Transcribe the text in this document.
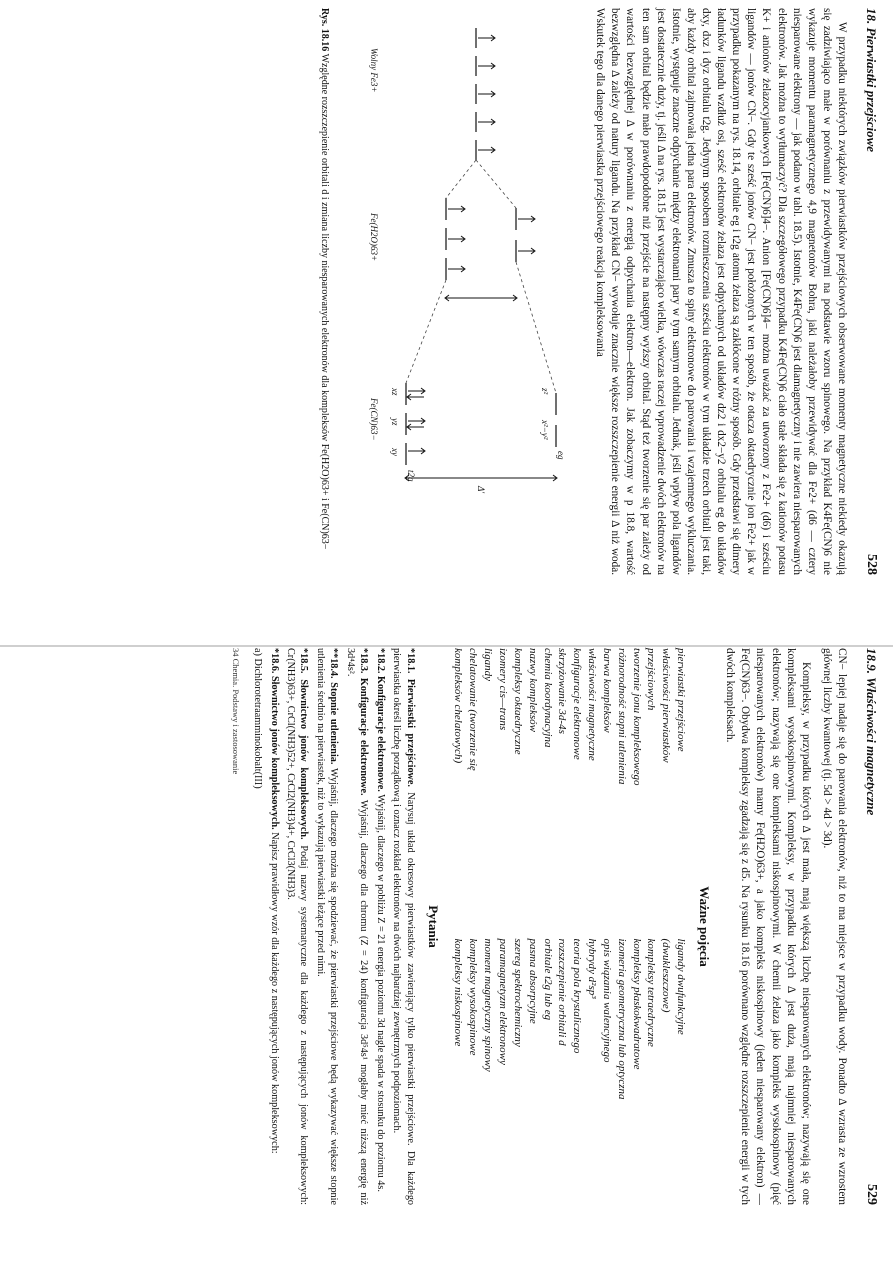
18. Pierwiastki przejściowe
528

W przypadku niektórych związków pierwiastków przejściowych obserwowane momenty magnetyczne niekiedy okazują się zadziwiająco małe w porównaniu z przewidywanymi na podstawie wzoru spinowego. Na przykład K4Fe(CN)6 nie wykazuje momentu paramagnetycznego 4,9 magnetonów Bohra, jaki należałoby przewidywać dla Fe2+ (d6 — cztery niesparowane elektrony — jak podano w tabl. 18.5). Istotnie, K4Fe(CN)6 jest diamagnetyczny i nie zawiera niesparowanych elektronów. Jak można to wytłumaczyć? Dla szczegółowego przypadku K4Fe(CN)6 ciało stałe składa się z kationów potasu K+ i anionów żelazocyjankowych [Fe(CN)6]4−. Anion [Fe(CN)6]4− można uważać za utworzony z Fe2+ (d6) i sześciu ligandów — jonów CN−. Gdy te sześć jonów CN− jest położonych w ten sposób, że otacza oktaedrycznie jon Fe2+ jak w przypadku pokazanym na rys. 18.14, orbitale eg i t2g atomu żelaza są zakłócone w różny sposób. Gdy przedstawi się dimery ładunków ligandu wzdłuż osi, sześć elektronów żelaza jest odpychanych od układów dz2 i dx2−y2 orbitalu eg do układów dxy, dxz i dyz orbitalu t2g. Jedynym sposobem rozmieszczenia sześciu elektronów w tym układzie trzech orbitali jest taki, aby każdy orbital zajmowała jedna para elektronów. Zmusza to spiny elektronowe do parowania i wzajemnego wykluczania. Istotnie, występuje znaczne odpychanie między elektronami pary w tym samym orbitalu. Jednak, jeśli wpływ pola ligandów jest dostatecznie duży, tj. jeśli Δ na rys. 18.15 jest wystarczająco wielka, wówczas raczej wprowadzenie dwóch elektronów na ten sam orbital będzie mało prawdopodobne niż przejście na następny wyższy orbital. Stąd też tworzenie się par zależy od wartości bezwzględnej Δ w porównaniu z energią odpychania elektron—elektron. Jak zobaczymy w p 18.8, wartość bezwzględna Δ zależy od natury ligandu. Na przykład CN− wywołuje znacznie większe rozszczepienie energii Δ niż woda. Wskutek tego dla danego pierwiastka przejściowego reakcja kompleksowania

Δ'
eg
t2g
z²
x²−y²
xz
yz
xy
Wolny Fe3+
Fe(H2O)63+
Fe(CN)63−
Rys. 18.16 Względne rozszczepienie orbitali d i zmiana liczby niesparowanych elektronów dla kompleksów Fe(H2O)63+ i Fe(CN)63−
18.9. Właściwości magnetyczne
529

CN− lepiej nadaje się do parowania elektronów, niż to ma miejsce w przypadku wody. Ponadto Δ wzrasta ze wzrostem głównej liczby kwantowej (tj. 5d > 4d > 3d).

Kompleksy, w przypadku których Δ jest mała, mają większą liczbę niesparowanych elektronów; nazywają się one kompleksami wysokospinowymi. Kompleksy, w przypadku których Δ jest duża, mają najmniej niesparowanych elektronów; nazywają się one kompleksami niskospinowymi. W chemii żelaza jako kompleks wysokospinowy (pięć niesparowanych elektronów) mamy Fe(H2O)63+, a jako kompleks niskospinowy (jeden niesparowany elektron) — Fe(CN)63−. Obydwa kompleksy zgadzają się z d5. Na rysunku 18.16 porównano względne rozszczepienie energii w tych dwóch kompleksach.

Ważne pojęcia
pierwiastki przejściowe
właściwości pierwiastków
przejściowych
tworzenie jonu kompleksowego
różnorodność stopni utlenienia
barwa kompleksów
właściwości magnetyczne
konfiguracje elektronowe
skrzyżowanie 3d-4s
chemia koordynacyjna
nazwy kompleksów
kompleksy oktaedryczne
izomery cis—trans
ligandy
chelatowanie (tworzenie się
kompleksów chelatowych)
ligandy dwufunkcyjne
(dwukleszczowe)
kompleksy tetraedryczne
kompleksy płaskokwadratowe
izomeria geometryczna lub optyczna
opis wiązania walencyjnego
hybrydy d²sp³
teoria pola krystalicznego
rozszczepienie orbitali d
orbitale t2g lub eg
pasma absorpcyjne
szereg spektrochemiczny
paramagnetyzm elektronowy
moment magnetyczny spinowy
kompleksy wysokospinowe
kompleksy niskospinowe
Pytania
*18.1. Pierwiastki przejściowe. Narysuj układ okresowy pierwiastków zawierający tylko pierwiastki przejściowe. Dla każdego pierwiastka określ liczbę porządkową i oznacz rozkład elektronów na dwóch najbardziej zewnętrznych podpoziomach.
*18.2. Konfiguracje elektronowe. Wyjaśnij, dlaczego w pobliżu Z = 21 energia poziomu 3d nagle spada w stosunku do poziomu 4s.
*18.3. Konfiguracje elektronowe. Wyjaśnij, dlaczego dla chromu (Z = 24) konfiguracja 3d⁵4s¹ mogłaby mieć niższą energię niż 3d⁴4s².
**18.4. Stopnie utlenienia. Wyjaśnij, dlaczego można się spodziewać, że pierwiastki przejściowe będą wykazywać większe stopnie utlenienia średnio na pierwiastek, niż to wykazują pierwiastki leżące przed nimi.
*18.5. Słownictwo jonów kompleksowych. Podaj nazwy systematyczne dla każdego z następujących jonów kompleksowych: Cr(NH3)63+, CrCl(NH3)52+, CrCl2(NH3)4+, CrCl3(NH3)3.
*18.6. Słownictwo jonów kompleksowych. Napisz prawidłowy wzór dla każdego z następujących jonów kompleksowych:
a) Dichlorotetraamminokobalt(III)
34 Chemia. Podstawy i zastosowanie
